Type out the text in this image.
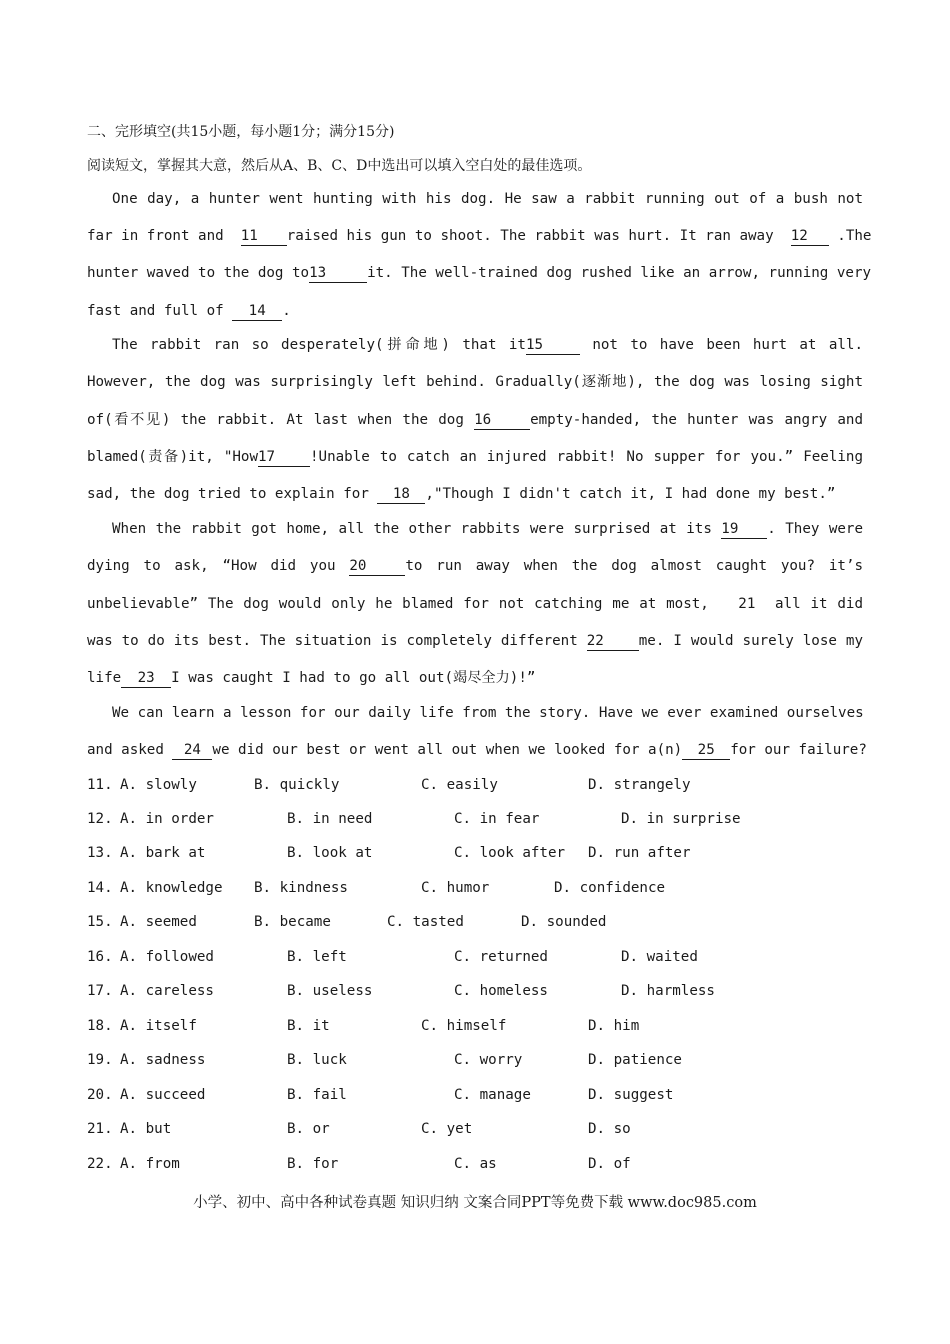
二、完形填空(共15小题，每小题1分；满分15分)
阅读短文，掌握其大意，然后从A、B、C、D中选出可以填入空白处的最佳选项。
One day, a hunter went hunting with his dog. He saw a rabbit running out of a bush not
far in front and  11 raised his gun to shoot. The rabbit was hurt. It ran away  12 .The
hunter waved to the dog to13	it. The well-trained dog rushed like an arrow, running very
fast and full of 14 .
The rabbit ran so desperately(拼命地) that it15	not to have been hurt at all.
However, the dog was surprisingly left behind. Gradually(逐渐地), the dog was losing sight
of(看不见) the rabbit. At last when the dog 16	empty-handed, the hunter was angry and
blamed(责备)it, "How17 !Unable to catch an injured rabbit! No supper for you.” Feeling
sad, the dog tried to explain for 18 ,"Though I didn't catch it, I had done my best.”
When the rabbit got home, all the other rabbits were surprised at its 19 . They were
dying to ask, “How did you 20	to run away when the dog almost caught you? it’s
unbelievable” The dog would only he blamed for not catching me at most,   21  all it did
was to do its best. The situation is completely different 22 me. I would surely lose my
life 23 I was caught I had to go all out(竭尽全力)!”
We can learn a lesson for our daily life from the story. Have we ever examined ourselves
and asked 24 we did our best or went all out when we looked for a(n) 25 for our failure?
11. A. slowly	B. quickly	C. easily	D. strangely
12. A. in order	B. in need	C. in fear	D. in surprise
13. A. bark at	B. look at	C. look after D. run after
14. A. knowledge B. kindness	C. humor	D. confidence
15. A. seemed	B. became	C. tasted	D. sounded
16. A. followed	B. left	C. returned	D. waited
17. A. careless	B. useless	C. homeless	D. harmless
18. A. itself	B. it	C. himself	D. him
19. A. sadness	B. luck	C. worry	D. patience
20. A. succeed	B. fail	C. manage	D. suggest
21. A. but	B. or	C. yet	D. so
22. A. from	B. for	C. as	D. of
小学、初中、高中各种试卷真题 知识归纳 文案合同PPT等免费下载 www.doc985.com
